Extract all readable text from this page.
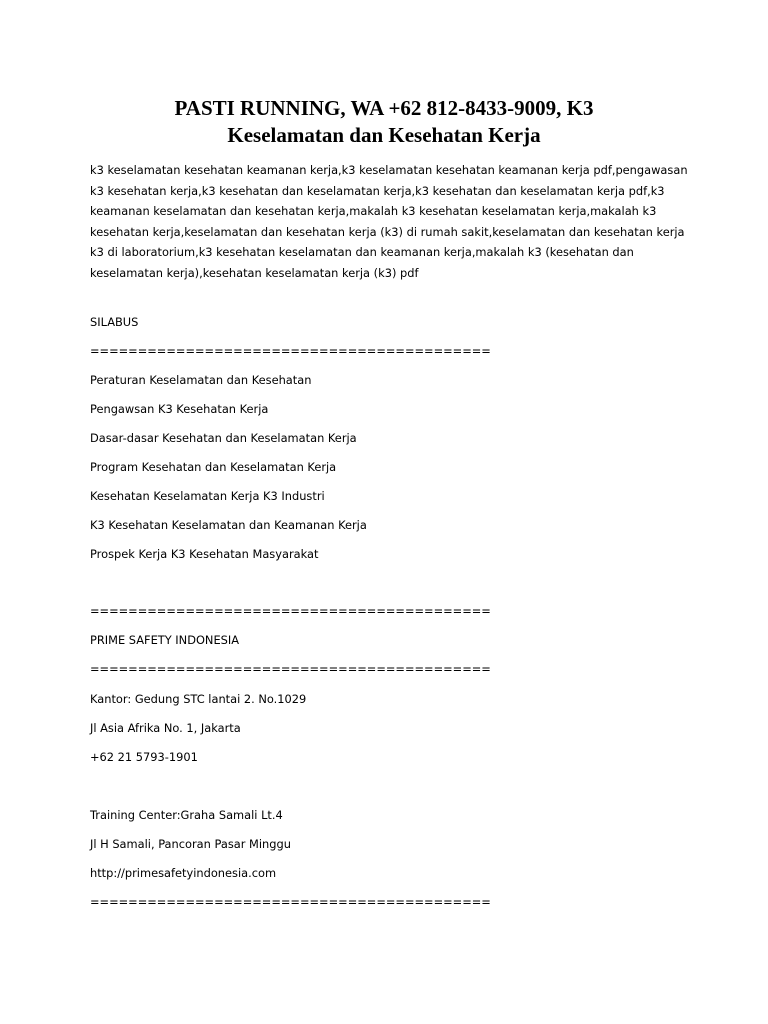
PASTI RUNNING, WA +62 812-8433-9009, K3
Keselamatan dan Kesehatan Kerja
k3 keselamatan kesehatan keamanan kerja,k3 keselamatan kesehatan keamanan kerja pdf,pengawasan
k3 kesehatan kerja,k3 kesehatan dan keselamatan kerja,k3 kesehatan dan keselamatan kerja pdf,k3
keamanan keselamatan dan kesehatan kerja,makalah k3 kesehatan keselamatan kerja,makalah k3
kesehatan kerja,keselamatan dan kesehatan kerja (k3) di rumah sakit,keselamatan dan kesehatan kerja
k3 di laboratorium,k3 kesehatan keselamatan dan keamanan kerja,makalah k3 (kesehatan dan
keselamatan kerja),kesehatan keselamatan kerja (k3) pdf
SILABUS
==========================================
Peraturan Keselamatan dan Kesehatan
Pengawsan K3 Kesehatan Kerja
Dasar-dasar Kesehatan dan Keselamatan Kerja
Program Kesehatan dan Keselamatan Kerja
Kesehatan Keselamatan Kerja K3 Industri
K3 Kesehatan Keselamatan dan Keamanan Kerja
Prospek Kerja K3 Kesehatan Masyarakat
==========================================
PRIME SAFETY INDONESIA
==========================================
Kantor: Gedung STC lantai 2. No.1029
Jl Asia Afrika No. 1, Jakarta
+62 21 5793-1901
Training Center:Graha Samali Lt.4
Jl H Samali, Pancoran Pasar Minggu
http://primesafetyindonesia.com
==========================================
